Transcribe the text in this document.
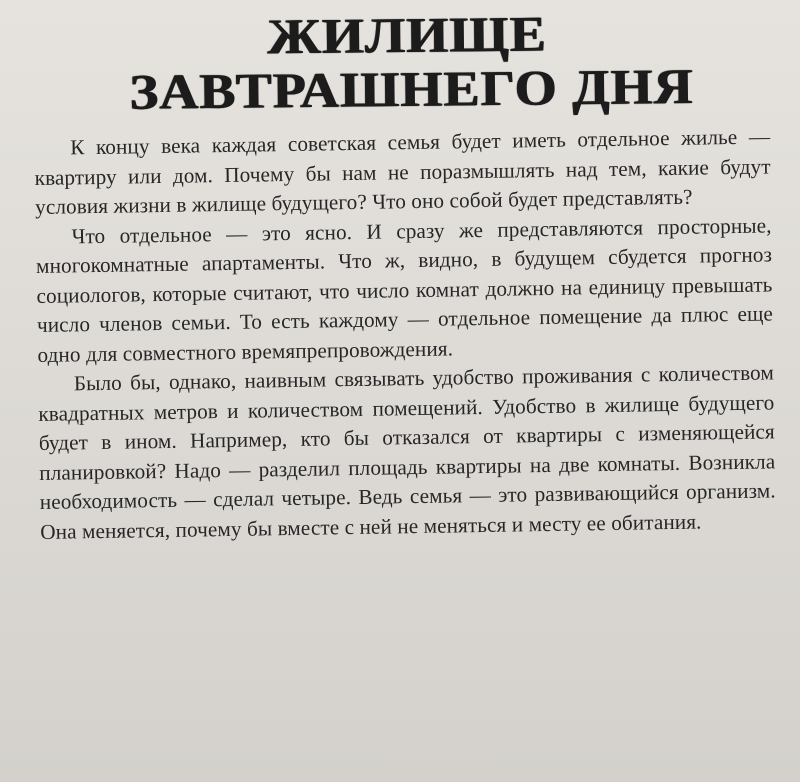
ЖИЛИЩЕ
ЗАВТРАШНЕГО ДНЯ

К концу века каждая советская семья будет иметь отдельное жилье — квартиру или дом. Почему бы нам не поразмышлять над тем, какие будут условия жизни в жилище будущего? Что оно собой будет представлять?

Что отдельное — это ясно. И сразу же представляются просторные, многокомнатные апартаменты. Что ж, видно, в будущем сбудется прогноз социологов, которые считают, что число комнат должно на единицу превышать число членов семьи. То есть каждому — отдельное помещение да плюс еще одно для совместного времяпрепровождения.

Было бы, однако, наивным связывать удобство проживания с количеством квадратных метров и количеством помещений. Удобство в жилище будущего будет в ином. Например, кто бы отказался от квартиры с изменяющейся планировкой? Надо — разделил площадь квартиры на две комнаты. Возникла необходимость — сделал четыре. Ведь семья — это развивающийся организм. Она меняется, почему бы вместе с ней не меняться и месту ее обитания.
